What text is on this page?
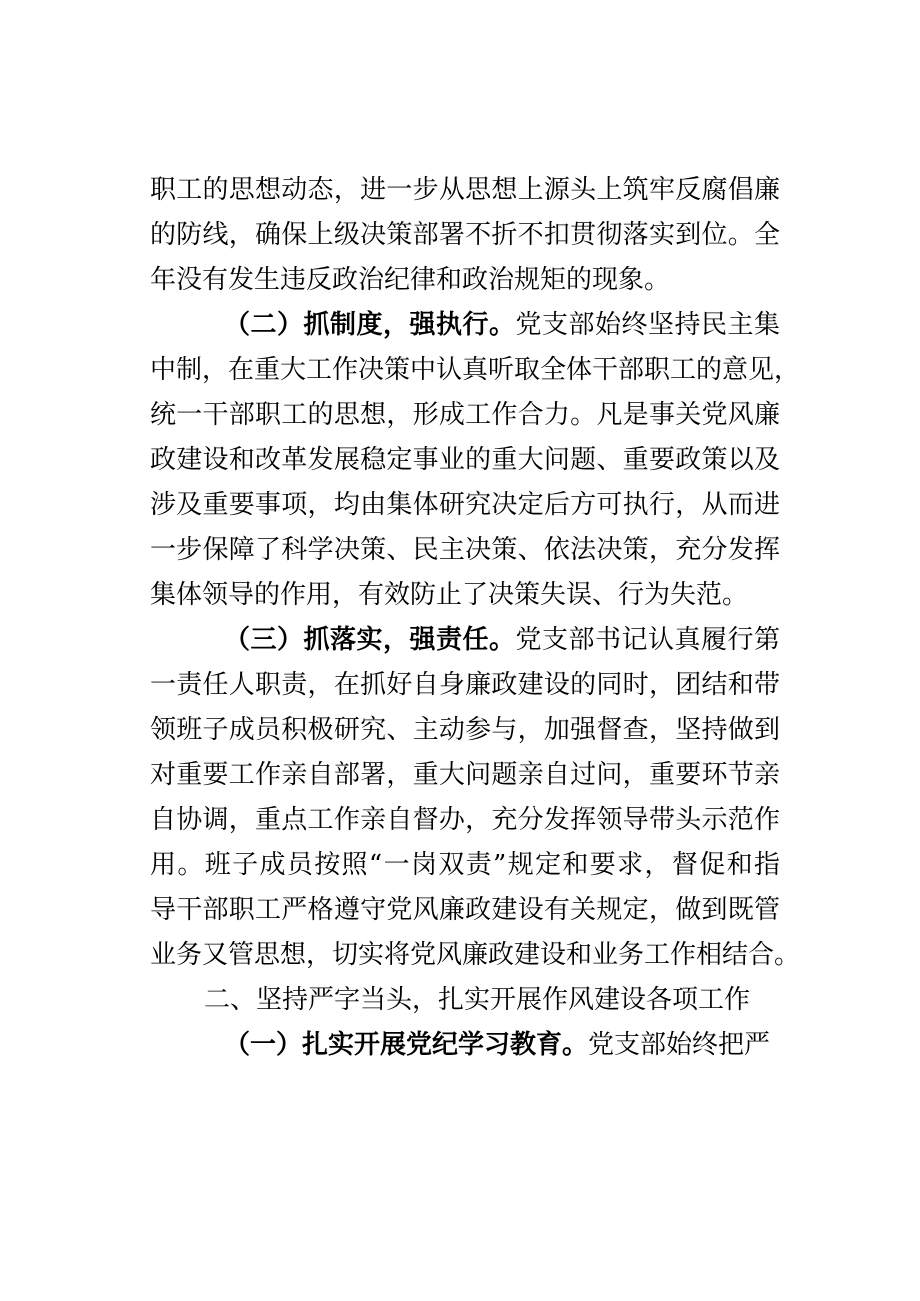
职工的思想动态，进一步从思想上源头上筑牢反腐倡廉
的防线，确保上级决策部署不折不扣贯彻落实到位。全
年没有发生违反政治纪律和政治规矩的现象。
（二）抓制度，强执行。党支部始终坚持民主集
中制，在重大工作决策中认真听取全体干部职工的意见，
统一干部职工的思想，形成工作合力。凡是事关党风廉
政建设和改革发展稳定事业的重大问题、重要政策以及
涉及重要事项，均由集体研究决定后方可执行，从而进
一步保障了科学决策、民主决策、依法决策，充分发挥
集体领导的作用，有效防止了决策失误、行为失范。
（三）抓落实，强责任。党支部书记认真履行第
一责任人职责，在抓好自身廉政建设的同时，团结和带
领班子成员积极研究、主动参与，加强督查，坚持做到
对重要工作亲自部署，重大问题亲自过问，重要环节亲
自协调，重点工作亲自督办，充分发挥领导带头示范作
用。班子成员按照“一岗双责”规定和要求，督促和指
导干部职工严格遵守党风廉政建设有关规定，做到既管
业务又管思想，切实将党风廉政建设和业务工作相结合。
二、坚持严字当头，扎实开展作风建设各项工作
（一）扎实开展党纪学习教育。党支部始终把严
